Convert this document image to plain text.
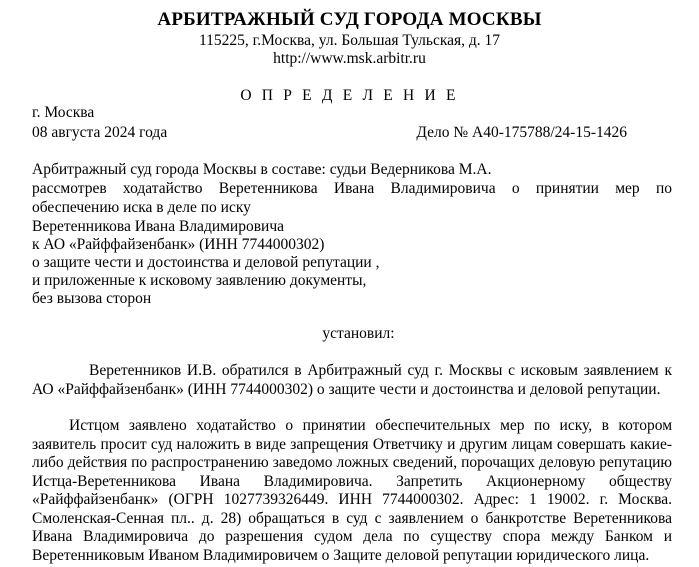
АРБИТРАЖНЫЙ СУД ГОРОДА МОСКВЫ
115225, г.Москва, ул. Большая Тульская, д. 17
http://www.msk.arbitr.ru
О П Р Е Д Е Л Е Н И Е
г. Москва
08 августа 2024 года	Дело № А40-175788/24-15-1426
Арбитражный суд города Москвы в составе: судьи Ведерникова М.А.
рассмотрев ходатайство Веретенникова Ивана Владимировича о принятии мер по
обеспечению иска в деле по иску
Веретенникова Ивана Владимировича
к АО «Райффайзенбанк» (ИНН 7744000302)
о защите чести и достоинства и деловой репутации ,
и приложенные к исковому заявлению документы,
без вызова сторон
установил:
Веретенников И.В. обратился в Арбитражный суд г. Москвы с исковым заявлением к АО «Райффайзенбанк» (ИНН 7744000302) о защите чести и достоинства и деловой репутации.
Истцом заявлено ходатайство о принятии обеспечительных мер по иску, в котором заявитель просит суд наложить в виде запрещения Ответчику и другим лицам совершать какие-либо действия по распространению заведомо ложных сведений, порочащих деловую репутацию Истца-Веретенникова Ивана Владимировича. Запретить Акционерному обществу «Райффайзенбанк» (ОГРН 1027739326449. ИНН 7744000302. Адрес: 1 19002. г. Москва. Смоленская-Сенная пл.. д. 28) обращаться в суд с заявлением о банкротстве Веретенникова Ивана Владимировича до разрешения судом дела по существу спора между Банком и Веретенниковым Иваном Владимировичем о Защите деловой репутации юридического лица.
